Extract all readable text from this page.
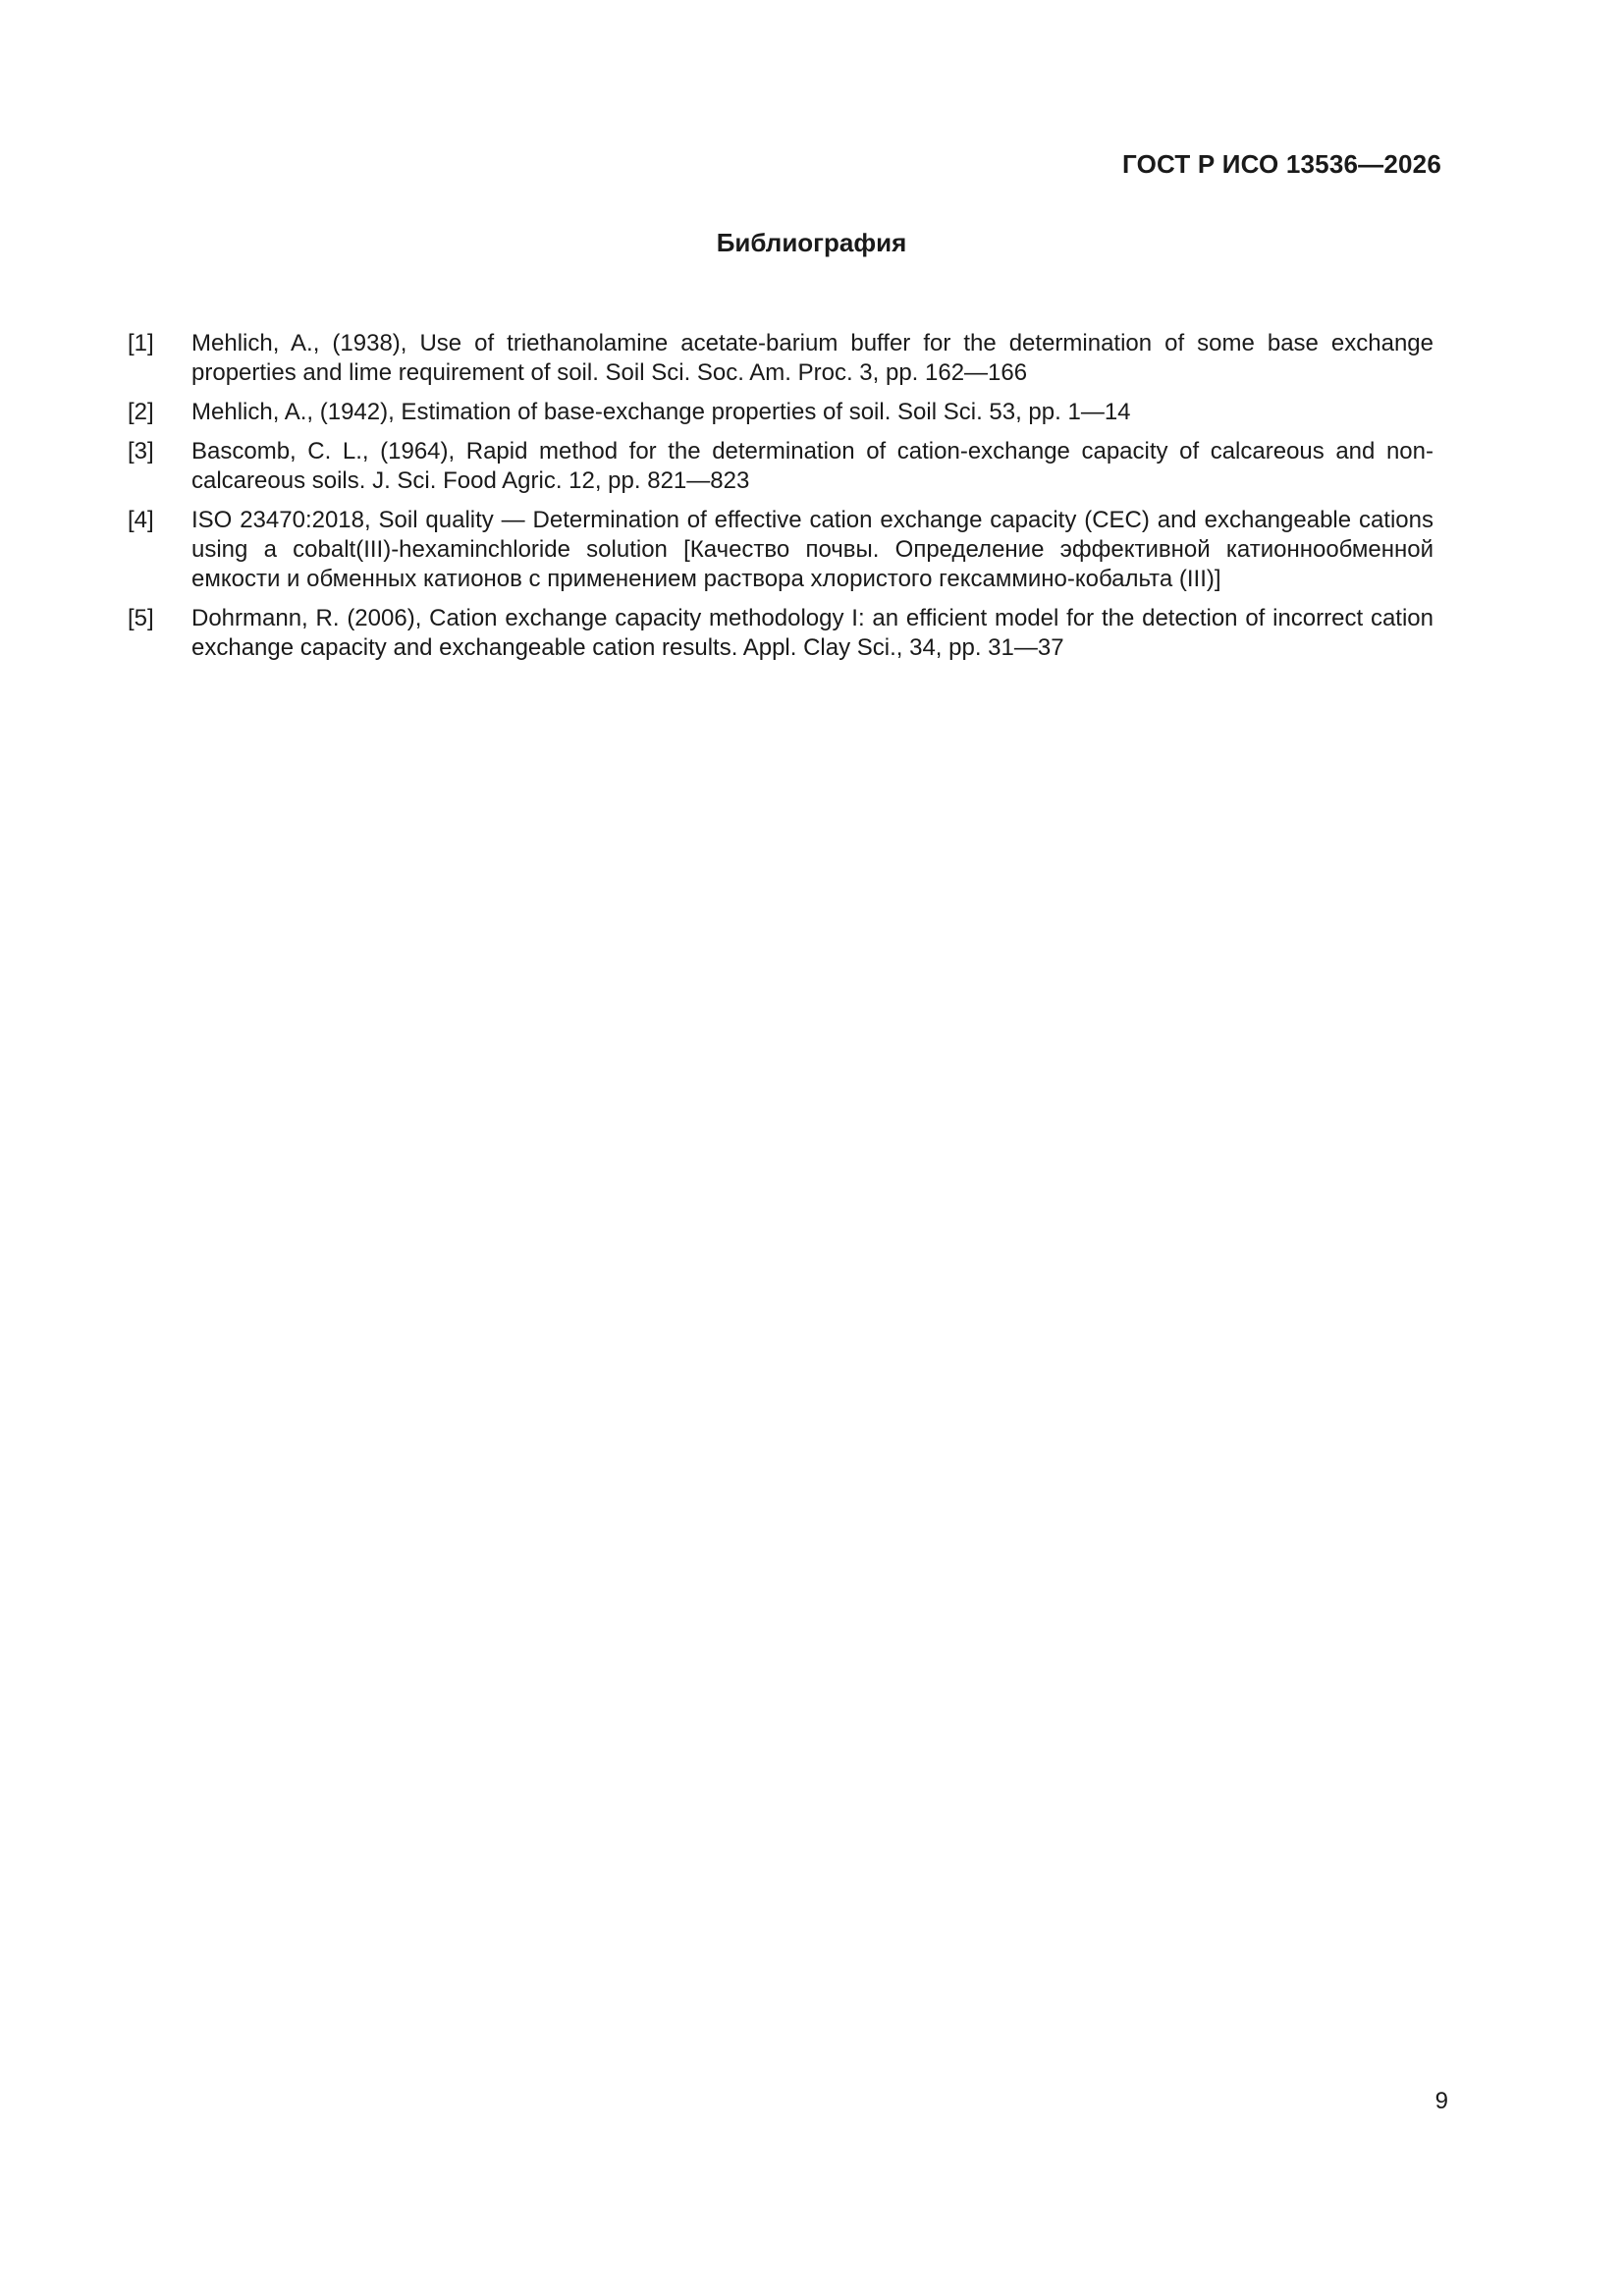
ГОСТ Р ИСО 13536—2026
Библиография
[1]	Mehlich, A., (1938), Use of triethanolamine acetate-barium buffer for the determination of some base exchange properties and lime requirement of soil. Soil Sci. Soc. Am. Proc. 3, pp. 162—166
[2]	Mehlich, A., (1942), Estimation of base-exchange properties of soil. Soil Sci. 53, pp. 1—14
[3]	Bascomb, C. L., (1964), Rapid method for the determination of cation-exchange capacity of calcareous and non-calcareous soils. J. Sci. Food Agric. 12, pp. 821—823
[4]	ISO 23470:2018, Soil quality — Determination of effective cation exchange capacity (CEC) and exchangeable cations using a cobalt(III)-hexaminchloride solution [Качество почвы. Определение эффективной катионнообменной емкости и обменных катионов с применением раствора хлористого гексаммино-кобальта (III)]
[5]	Dohrmann, R. (2006), Cation exchange capacity methodology I: an efficient model for the detection of incorrect cation exchange capacity and exchangeable cation results. Appl. Clay Sci., 34, pp. 31—37
9
